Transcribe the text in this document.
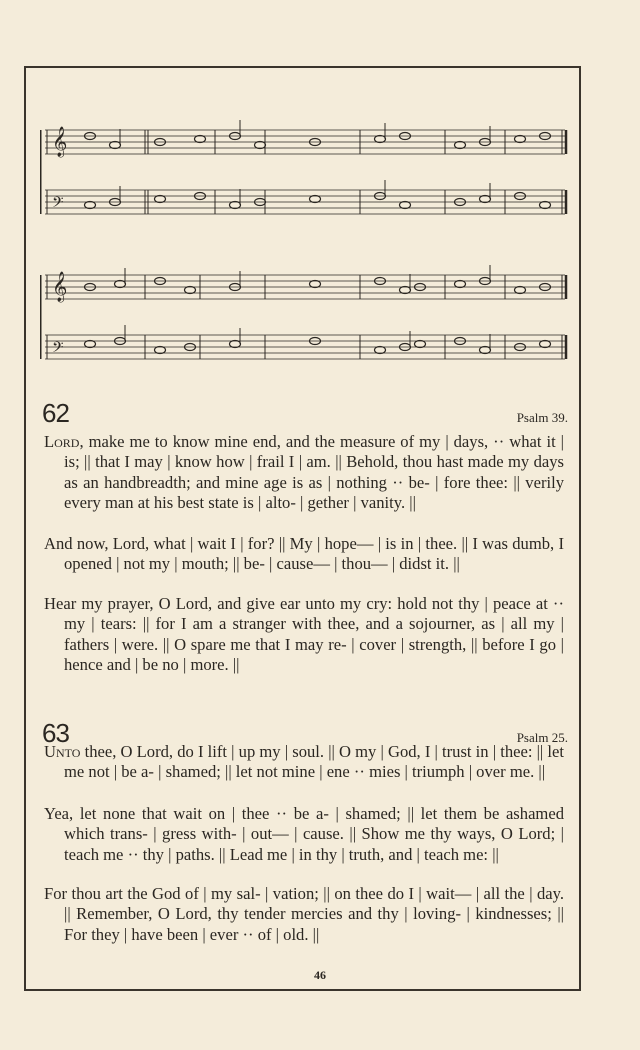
𝄞
𝄢
𝄞
𝄢
62	Psalm 39.
Lord, make me to know mine end, and the measure of my | days, ·· what it | is; || that I may | know how | frail I | am. || Behold, thou hast made my days as an handbreadth; and mine age is as | nothing ·· be- | fore thee: || verily every man at his best state is | alto- | gether | vanity. ||
And now, Lord, what | wait I | for? || My | hope— | is in | thee. || I was dumb, I opened | not my | mouth; || be- | cause— | thou— | didst it. ||
Hear my prayer, O Lord, and give ear unto my cry: hold not thy | peace at ·· my | tears: || for I am a stranger with thee, and a sojourner, as | all my | fathers | were. || O spare me that I may re- | cover | strength, || before I go | hence and | be no | more. ||
63	Psalm 25.
Unto thee, O Lord, do I lift | up my | soul. || O my | God, I | trust in | thee: || let me not | be a- | shamed; || let not mine | ene ·· mies | triumph | over me. ||
Yea, let none that wait on | thee ·· be a- | shamed; || let them be ashamed which trans- | gress with- | out— | cause. || Show me thy ways, O Lord; | teach me ·· thy | paths. || Lead me | in thy | truth, and | teach me: ||
For thou art the God of | my sal- | vation; || on thee do I | wait— | all the | day. || Remember, O Lord, thy tender mercies and thy | loving- | kindnesses; || For they | have been | ever ·· of | old. ||
46
